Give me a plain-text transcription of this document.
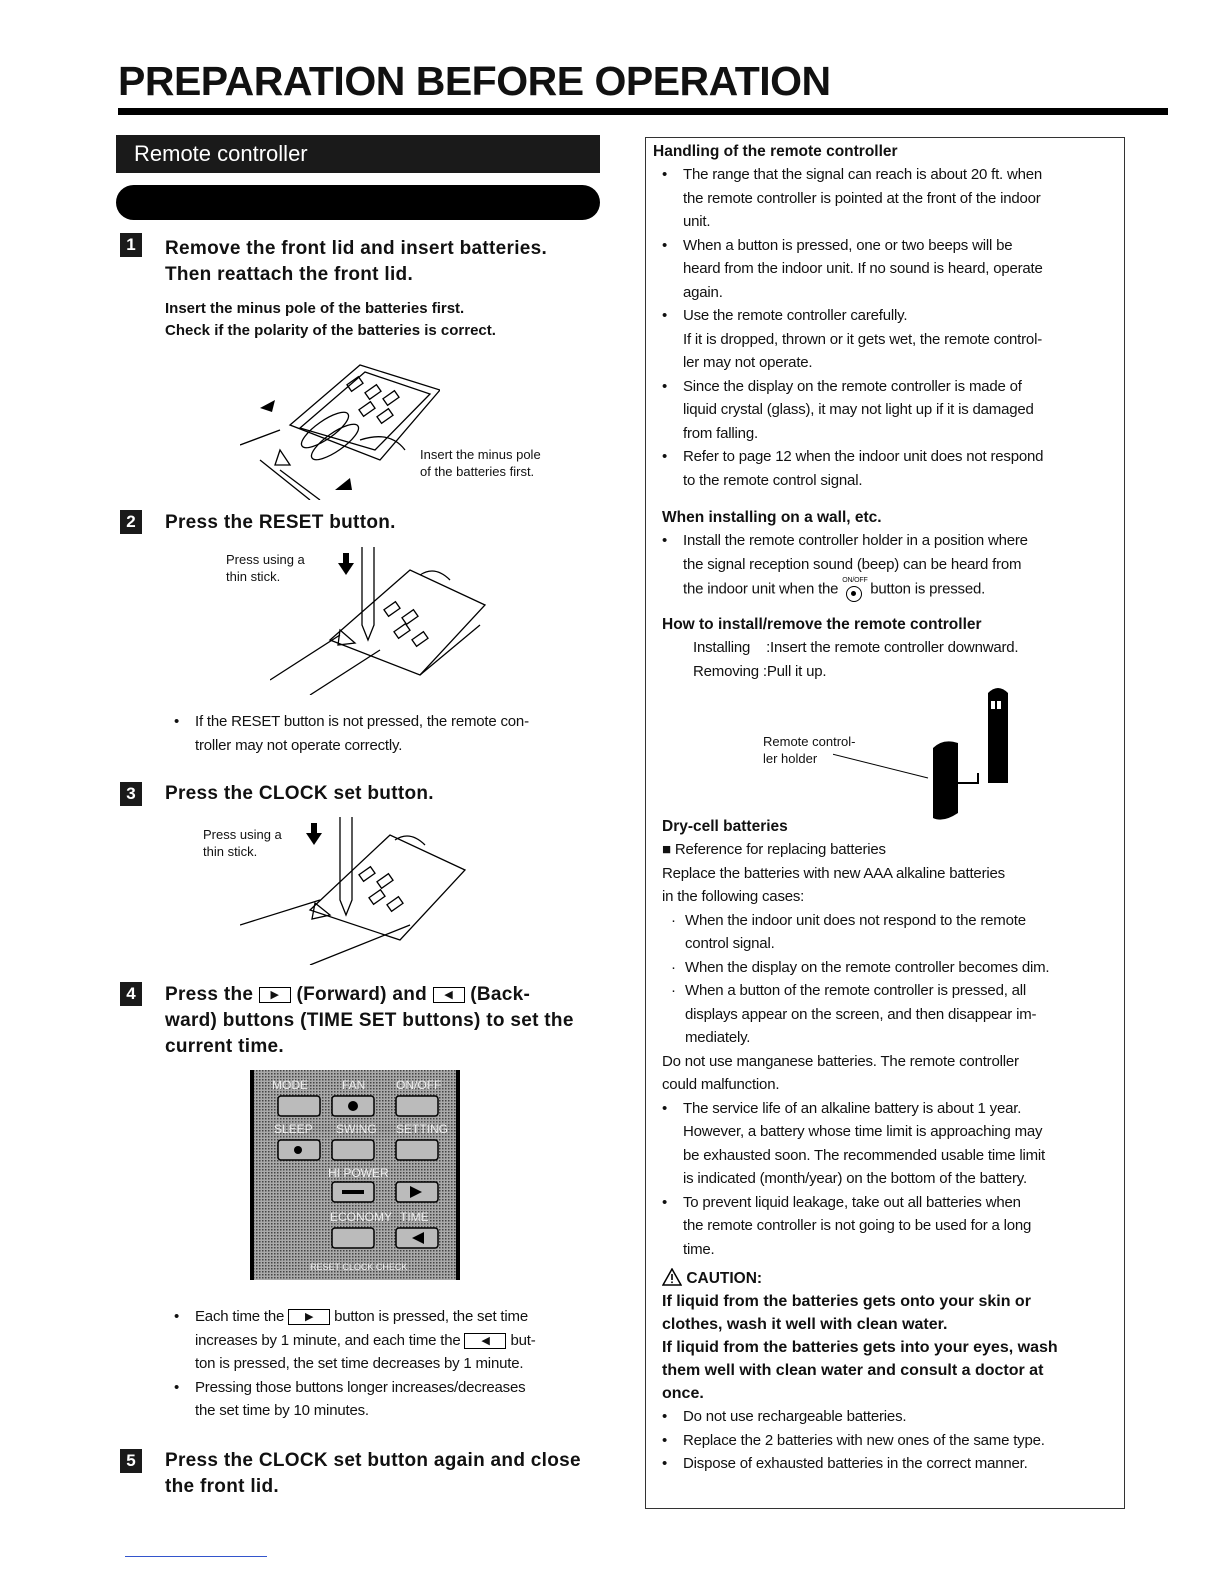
PREPARATION BEFORE OPERATION
Remote controller
1	Remove the front lid and insert batteries.
Then reattach the front lid.
Insert the minus pole of the batteries first.
Check if the polarity of the batteries is correct.
Insert the minus pole
of the batteries first.
2	Press the RESET button.
Press using a
thin stick.
• If the RESET button is not pressed, the remote con-
troller may not operate correctly.
3	Press the CLOCK set button.
Press using a
thin stick.
4	Press the ▶ (Forward) and ◀ (Back-
ward) buttons (TIME SET buttons) to set the
current time.
MODE	FAN	ON/OFF
SLEEP SWING SETTING
HI POWER
ECONOMY TIME
RESET CLOCK CHECK
• Each time the ▶ button is pressed, the set time
increases by 1 minute, and each time the ◀ but-
ton is pressed, the set time decreases by 1 minute.
• Pressing those buttons longer increases/decreases
the set time by 10 minutes.
5	Press the CLOCK set button again and close
the front lid.
Handling of the remote controller
• The range that the signal can reach is about 20 ft. when
the remote controller is pointed at the front of the indoor
unit.
• When a button is pressed, one or two beeps will be
heard from the indoor unit. If no sound is heard, operate
again.
• Use the remote controller carefully.
If it is dropped, thrown or it gets wet, the remote control-
ler may not operate.
• Since the display on the remote controller is made of
liquid crystal (glass), it may not light up if it is damaged
from falling.
• Refer to page 12 when the indoor unit does not respond
to the remote control signal.
When installing on a wall, etc.
• Install the remote controller holder in a position where
the signal reception sound (beep) can be heard from
the indoor unit when the ON/OFF button is pressed.
How to install/remove the remote controller
Installing    :Insert the remote controller downward.
Removing :Pull it up.
Remote control-
ler holder
Dry-cell batteries
■ Reference for replacing batteries
Replace the batteries with new AAA alkaline batteries
in the following cases:
· When the indoor unit does not respond to the remote
control signal.
· When the display on the remote controller becomes dim.
· When a button of the remote controller is pressed, all
displays appear on the screen, and then disappear im-
mediately.
Do not use manganese batteries. The remote controller
could malfunction.
• The service life of an alkaline battery is about 1 year.
However, a battery whose time limit is approaching may
be exhausted soon. The recommended usable time limit
is indicated (month/year) on the bottom of the battery.
• To prevent liquid leakage, take out all batteries when
the remote controller is not going to be used for a long
time.
CAUTION:
If liquid from the batteries gets onto your skin or
clothes, wash it well with clean water.
If liquid from the batteries gets into your eyes, wash
them well with clean water and consult a doctor at
once.
• Do not use rechargeable batteries.
• Replace the 2 batteries with new ones of the same type.
• Dispose of exhausted batteries in the correct manner.
